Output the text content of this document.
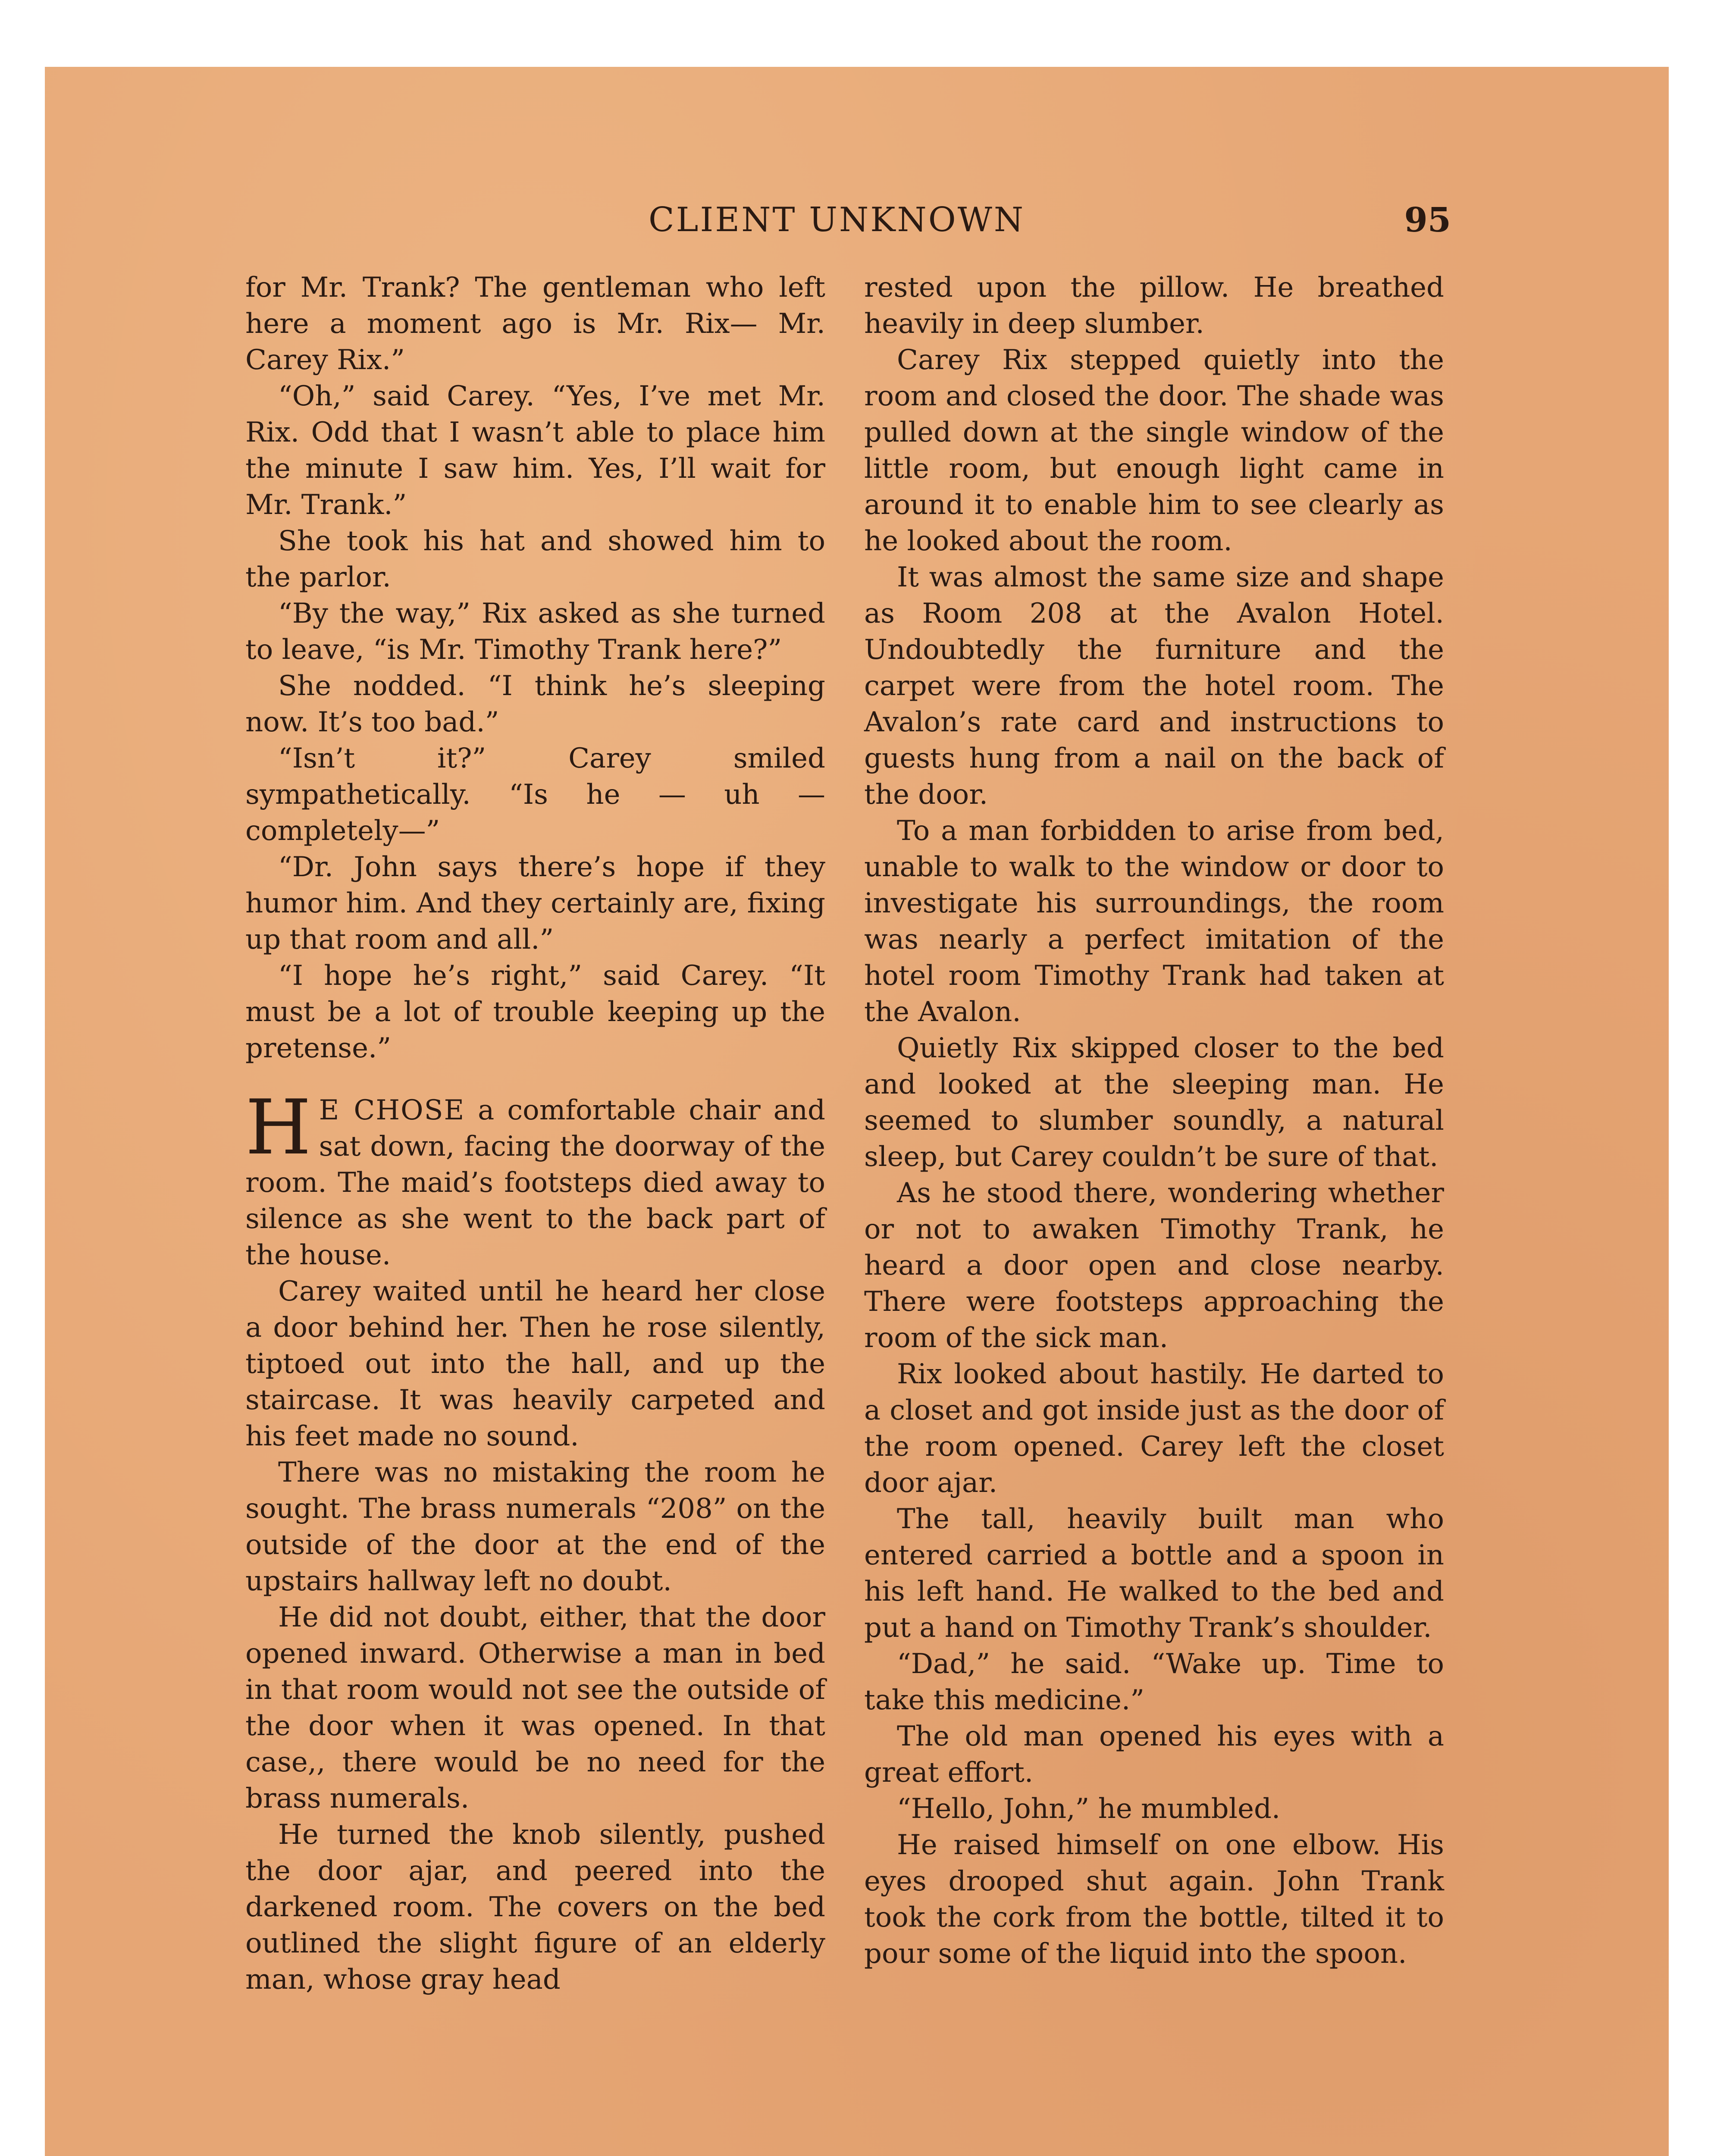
CLIENT UNKNOWN	95

for Mr. Trank? The gentleman who left here a moment ago is Mr. Rix— Mr. Carey Rix.”

“Oh,” said Carey. “Yes, I’ve met Mr. Rix. Odd that I wasn’t able to place him the minute I saw him. Yes, I’ll wait for Mr. Trank.”

She took his hat and showed him to the parlor.

“By the way,” Rix asked as she turned to leave, “is Mr. Timothy Trank here?”

She nodded. “I think he’s sleeping now. It’s too bad.”

“Isn’t it?” Carey smiled sympathetically. “Is he — uh — completely—”

“Dr. John says there’s hope if they humor him. And they certainly are, fixing up that room and all.”

“I hope he’s right,” said Carey. “It must be a lot of trouble keeping up the pretense.”

H E CHOSE a comfortable chair and sat down, facing the doorway of the room. The maid’s footsteps died away to silence as she went to the back part of the house.

Carey waited until he heard her close a door behind her. Then he rose silently, tiptoed out into the hall, and up the staircase. It was heavily carpeted and his feet made no sound.

There was no mistaking the room he sought. The brass numerals “208” on the outside of the door at the end of the upstairs hallway left no doubt.

He did not doubt, either, that the door opened inward. Otherwise a man in bed in that room would not see the outside of the door when it was opened. In that case,, there would be no need for the brass numerals.

He turned the knob silently, pushed the door ajar, and peered into the darkened room. The covers on the bed outlined the slight figure of an elderly man, whose gray head

rested upon the pillow. He breathed heavily in deep slumber.

Carey Rix stepped quietly into the room and closed the door. The shade was pulled down at the single window of the little room, but enough light came in around it to enable him to see clearly as he looked about the room.

It was almost the same size and shape as Room 208 at the Avalon Hotel. Undoubtedly the furniture and the carpet were from the hotel room. The Avalon’s rate card and instructions to guests hung from a nail on the back of the door.

To a man forbidden to arise from bed, unable to walk to the window or door to investigate his surroundings, the room was nearly a perfect imitation of the hotel room Timothy Trank had taken at the Avalon.

Quietly Rix skipped closer to the bed and looked at the sleeping man. He seemed to slumber soundly, a natural sleep, but Carey couldn’t be sure of that.

As he stood there, wondering whether or not to awaken Timothy Trank, he heard a door open and close nearby. There were footsteps approaching the room of the sick man.

Rix looked about hastily. He darted to a closet and got inside just as the door of the room opened. Carey left the closet door ajar.

The tall, heavily built man who entered carried a bottle and a spoon in his left hand. He walked to the bed and put a hand on Timothy Trank’s shoulder.

“Dad,” he said. “Wake up. Time to take this medicine.”

The old man opened his eyes with a great effort.

“Hello, John,” he mumbled.

He raised himself on one elbow. His eyes drooped shut again. John Trank took the cork from the bottle, tilted it to pour some of the liquid into the spoon.
